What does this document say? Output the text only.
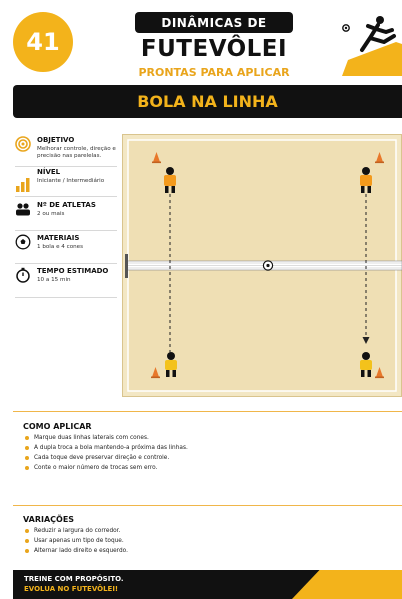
41
DINÂMICAS DE
FUTEVÔLEI
PRONTAS PARA APLICAR
BOLA NA LINHA
OBJETIVO
Melhorar controle, direção e precisão nas parelelas.
NÍVEL
Iniciante / Intermediário
Nº DE ATLETAS
2 ou mais
MATERIAIS
1 bola e 4 cones
TEMPO ESTIMADO
10 a 15 min
COMO APLICAR
Marque duas linhas laterais com cones.
A dupla troca a bola mantendo-a próxima das linhas.
Cada toque deve preservar direção e controle.
Conte o maior número de trocas sem erro.
VARIAÇÕES
Reduzir a largura do corredor.
Usar apenas um tipo de toque.
Alternar lado direito e esquerdo.
TREINE COM PROPÓSITO.
EVOLUA NO FUTEVÔLEI!
